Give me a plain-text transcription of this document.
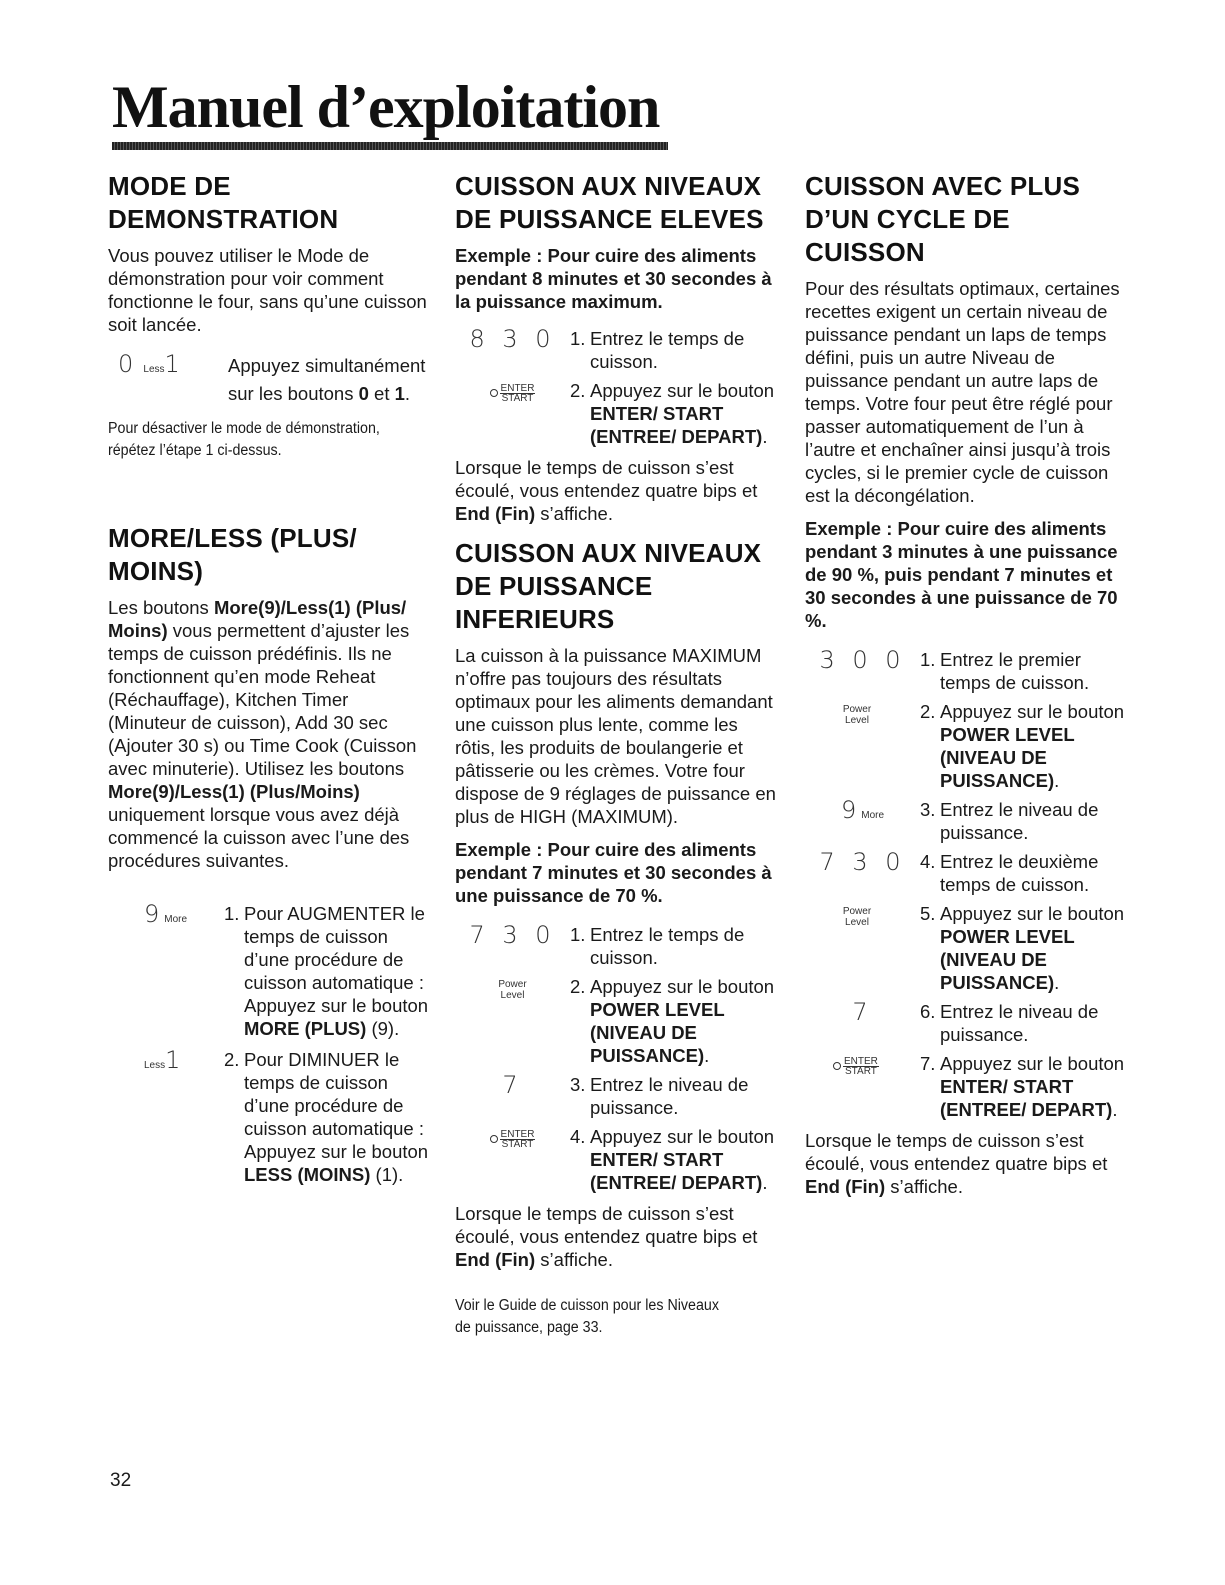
Manuel d’exploitation
MODE DE DEMONSTRATION

Vous pouvez utiliser le Mode de démonstration pour voir comment fonctionne le four, sans qu’une cuisson soit lancée.

0 Less1	Appuyez simultanément sur les boutons 0 et 1.

Pour désactiver le mode de démonstration, répétez l’étape 1 ci-dessus.

MORE/LESS (PLUS/ MOINS)

Les boutons More(9)/Less(1) (Plus/ Moins) vous permettent d’ajuster les temps de cuisson prédéfinis. Ils ne fonctionnent qu’en mode Reheat (Réchauffage), Kitchen Timer (Minuteur de cuisson), Add 30 sec (Ajouter 30 s) ou Time Cook (Cuisson avec minuterie). Utilisez les boutons More(9)/Less(1) (Plus/Moins) uniquement lorsque vous avez déjà commencé la cuisson avec l’une des procédures suivantes.

9More	1. Pour AUGMENTER le temps de cuisson d’une procédure de cuisson automatique : Appuyez sur le bouton MORE (PLUS) (9).
Less1	2. Pour DIMINUER le temps de cuisson d’une procédure de cuisson automatique : Appuyez sur le bouton LESS (MOINS) (1).
CUISSON AUX NIVEAUX DE PUISSANCE ELEVES

Exemple : Pour cuire des aliments pendant 8 minutes et 30 secondes à la puissance maximum.

8 3 0 1. Entrez le temps de cuisson.
ENTER
START 2. Appuyez sur le bouton ENTER/ START (ENTREE/ DEPART).

Lorsque le temps de cuisson s’est écoulé, vous entendez quatre bips et End (Fin) s’affiche.

CUISSON AUX NIVEAUX DE PUISSANCE INFERIEURS

La cuisson à la puissance MAXIMUM n’offre pas toujours des résultats optimaux pour les aliments demandant une cuisson plus lente, comme les rôtis, les produits de boulangerie et pâtisserie ou les crèmes. Votre four dispose de 9 réglages de puissance en plus de HIGH (MAXIMUM).

Exemple : Pour cuire des aliments pendant 7 minutes et 30 secondes à une puissance de 70 %.

7 3 0 1. Entrez le temps de cuisson.
Power
Level	2. Appuyez sur le bouton POWER LEVEL (NIVEAU DE PUISSANCE).
7	3. Entrez le niveau de puissance.
ENTER
START 4. Appuyez sur le bouton ENTER/ START (ENTREE/ DEPART).

Lorsque le temps de cuisson s’est écoulé, vous entendez quatre bips et End (Fin) s’affiche.

Voir le Guide de cuisson pour les Niveaux de puissance, page 33.

CUISSON AVEC PLUS D’UN CYCLE DE CUISSON

Pour des résultats optimaux, certaines recettes exigent un certain niveau de puissance pendant un laps de temps défini, puis un autre Niveau de puissance pendant un autre laps de temps. Votre four peut être réglé pour passer automatiquement de l’un à l’autre et enchaîner ainsi jusqu’à trois cycles, si le premier cycle de cuisson est la décongélation.

Exemple : Pour cuire des aliments pendant 3 minutes à une puissance de 90 %, puis pendant 7 minutes et 30 secondes à une puissance de 70 %.

3 0 0 1. Entrez le premier temps de cuisson.
Power
Level	2. Appuyez sur le bouton POWER LEVEL (NIVEAU DE PUISSANCE).
9More	3. Entrez le niveau de puissance.
7 3 0 4. Entrez le deuxième temps de cuisson.
Power
Level	5. Appuyez sur le bouton POWER LEVEL (NIVEAU DE PUISSANCE).
7	6. Entrez le niveau de puissance.
ENTER
START 7. Appuyez sur le bouton ENTER/ START (ENTREE/ DEPART).

Lorsque le temps de cuisson s’est écoulé, vous entendez quatre bips et End (Fin) s’affiche.

32
